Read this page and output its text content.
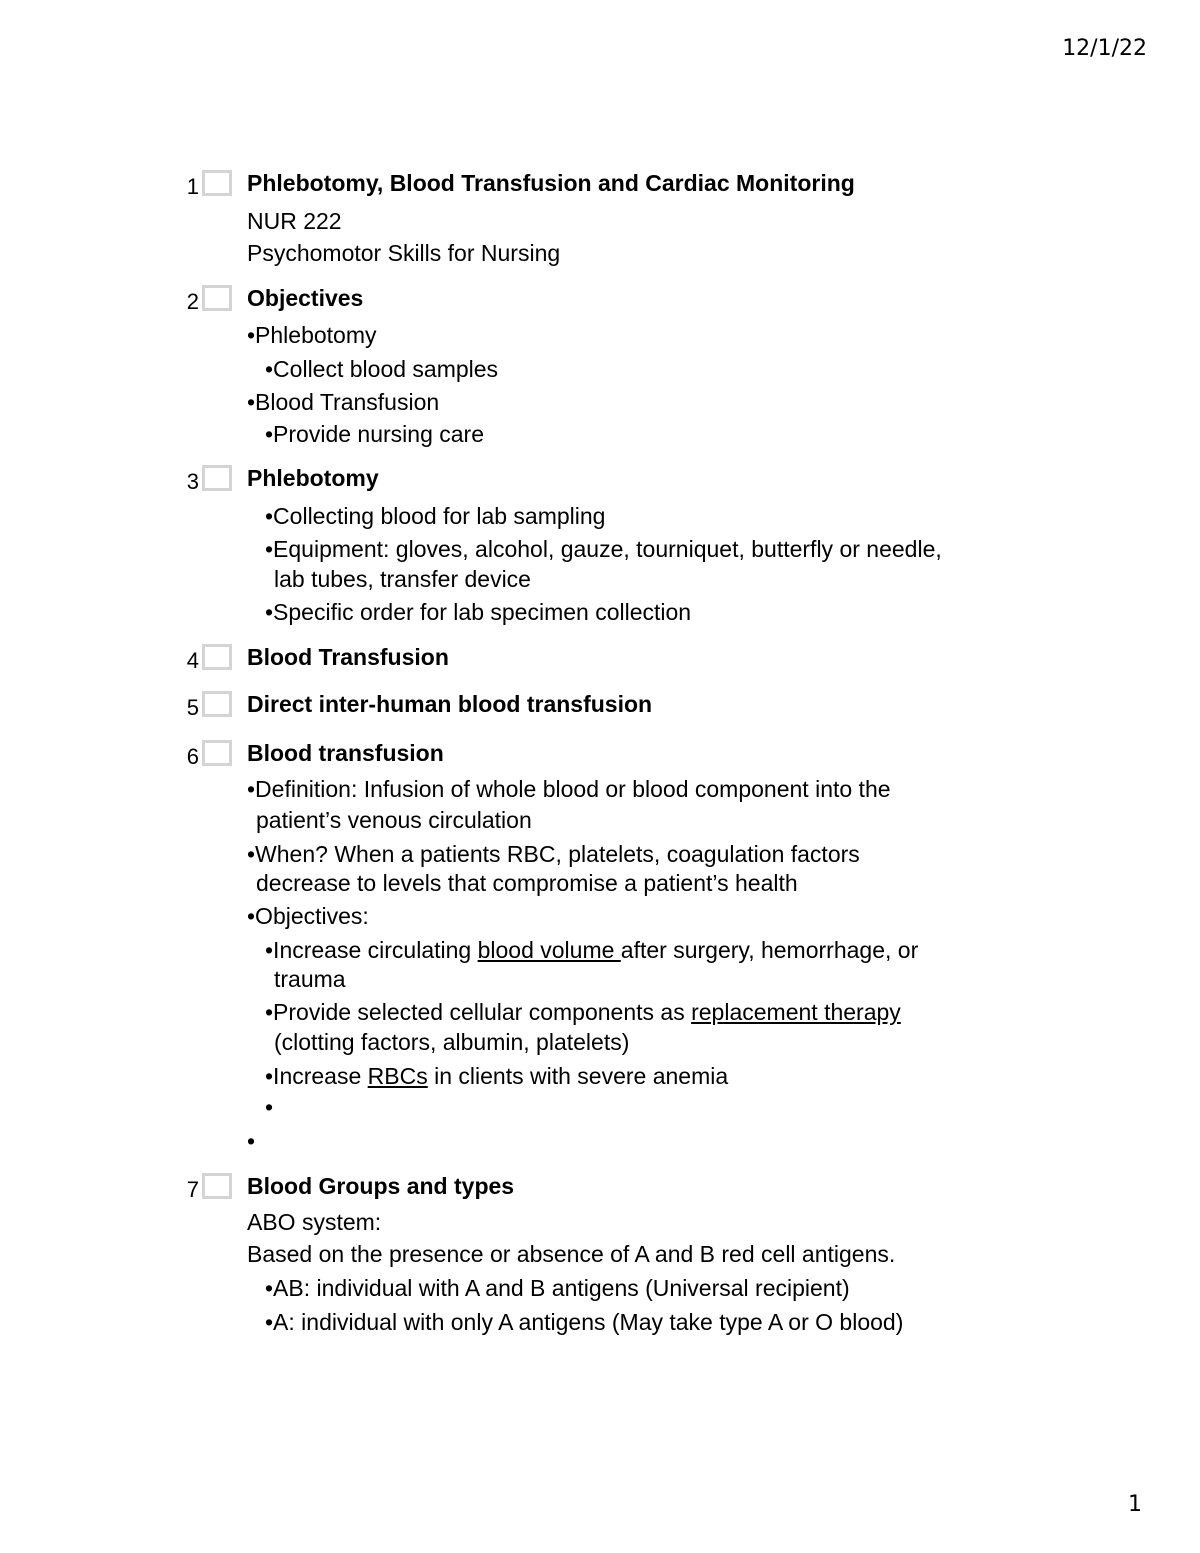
12/1/22
1 Phlebotomy, Blood Transfusion and Cardiac Monitoring
NUR 222
Psychomotor Skills for Nursing
2 Objectives
•Phlebotomy
•Collect blood samples
•Blood Transfusion
•Provide nursing care
3 Phlebotomy
•Collecting blood for lab sampling
•Equipment: gloves, alcohol, gauze, tourniquet, butterfly or needle,
lab tubes, transfer device
•Specific order for lab specimen collection
4 Blood Transfusion
5 Direct inter-human blood transfusion
6 Blood transfusion
•Definition: Infusion of whole blood or blood component into the
patient’s venous circulation
•When? When a patients RBC, platelets, coagulation factors
decrease to levels that compromise a patient’s health
•Objectives:
•Increase circulating blood volume after surgery, hemorrhage, or
trauma
•Provide selected cellular components as replacement therapy
(clotting factors, albumin, platelets)
•Increase RBCs in clients with severe anemia
•
•
7 Blood Groups and types
ABO system:
Based on the presence or absence of A and B red cell antigens.
•AB: individual with A and B antigens (Universal recipient)
•A: individual with only A antigens (May take type A or O blood)
1
